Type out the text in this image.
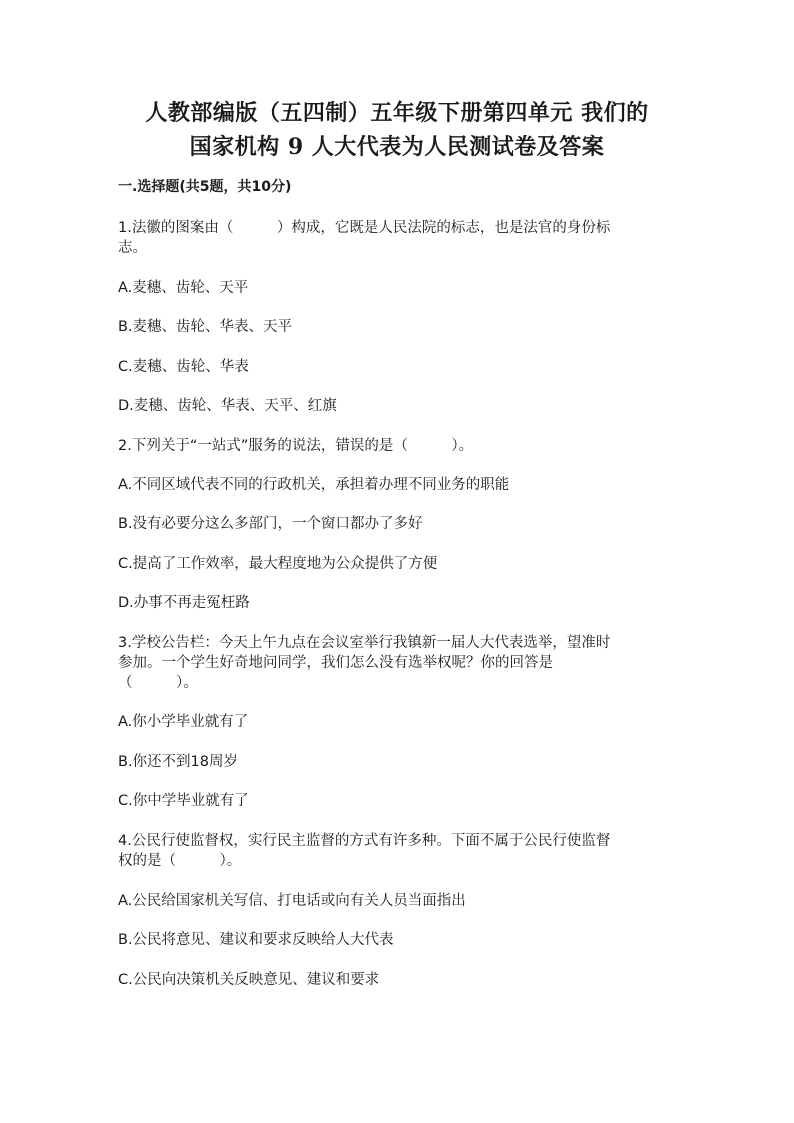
人教部编版（五四制）五年级下册第四单元 我们的
国家机构 9 人大代表为人民测试卷及答案
一.选择题(共5题，共10分)
1.法徽的图案由（　　　）构成，它既是人民法院的标志，也是法官的身份标
志。
A.麦穗、齿轮、天平
B.麦穗、齿轮、华表、天平
C.麦穗、齿轮、华表
D.麦穗、齿轮、华表、天平、红旗
2.下列关于“一站式”服务的说法，错误的是（　　　）。
A.不同区域代表不同的行政机关，承担着办理不同业务的职能
B.没有必要分这么多部门，一个窗口都办了多好
C.提高了工作效率，最大程度地为公众提供了方便
D.办事不再走冤枉路
3.学校公告栏：今天上午九点在会议室举行我镇新一届人大代表选举，望准时
参加。一个学生好奇地问同学，我们怎么没有选举权呢？你的回答是
（　　　）。
A.你小学毕业就有了
B.你还不到18周岁
C.你中学毕业就有了
4.公民行使监督权，实行民主监督的方式有许多种。下面不属于公民行使监督
权的是（　　　）。
A.公民给国家机关写信、打电话或向有关人员当面指出
B.公民将意见、建议和要求反映给人大代表
C.公民向决策机关反映意见、建议和要求
